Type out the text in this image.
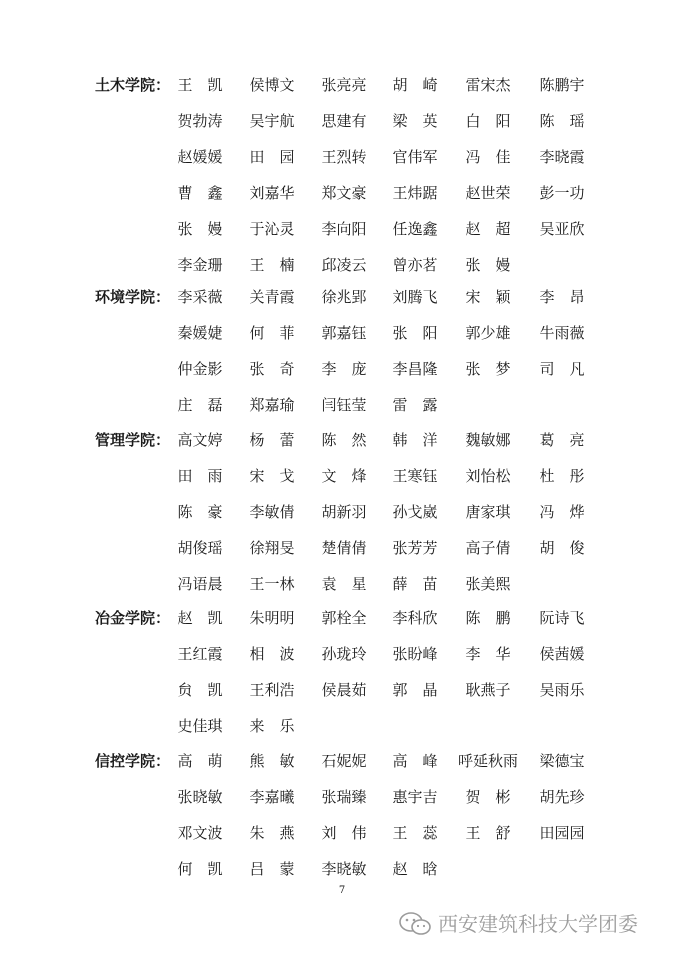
土木学院： 王　凯	侯博文	张亮亮	胡　崎	雷宋杰	陈鹏宇
贺勃涛	吴宇航	思建有	梁　英	白　阳	陈　瑶
赵媛媛	田　园	王烈转	官伟军	冯　佳	李晓霞
曹　鑫	刘嘉华	郑文豪	王炜踞	赵世荣	彭一功
张　嫚	于沁灵	李向阳	任逸鑫	赵　超	吴亚欣
李金珊	王　楠	邱凌云	曾亦茗	张　嫚
环境学院： 李采薇	关青霞	徐兆郢	刘腾飞	宋　颖	李　昂
秦媛婕	何　菲	郭嘉钰	张　阳	郭少雄	牛雨薇
仲金影	张　奇	李　庞	李昌隆	张　梦	司　凡
庄　磊	郑嘉瑜	闫钰莹	雷　露
管理学院： 高文婷	杨　蕾	陈　然	韩　洋	魏敏娜	葛　亮
田　雨	宋　戈	文　烽	王寒钰	刘怡松	杜　彤
陈　豪	李敏倩	胡新羽	孙戈崴	唐家琪	冯　烨
胡俊瑶	徐翔旻	楚倩倩	张芳芳	高子倩	胡　俊
冯语晨	王一林	袁　星	薛　苗	张美熙
冶金学院： 赵　凯	朱明明	郭栓全	李科欣	陈　鹏	阮诗飞
王红霞	相　波	孙珑玲	张盼峰	李　华	侯茜媛
贠　凯	王利浩	侯晨茹	郭　晶	耿燕子	吴雨乐
史佳琪	来　乐
信控学院： 高　萌	熊　敏	石妮妮	高　峰	呼延秋雨	梁德宝
张晓敏	李嘉曦	张瑞臻	惠宇吉	贺　彬	胡先珍
邓文波	朱　燕	刘　伟	王　蕊	王　舒	田园园
何　凯	吕　蒙	李晓敏	赵　晗
7
西安建筑科技大学团委
